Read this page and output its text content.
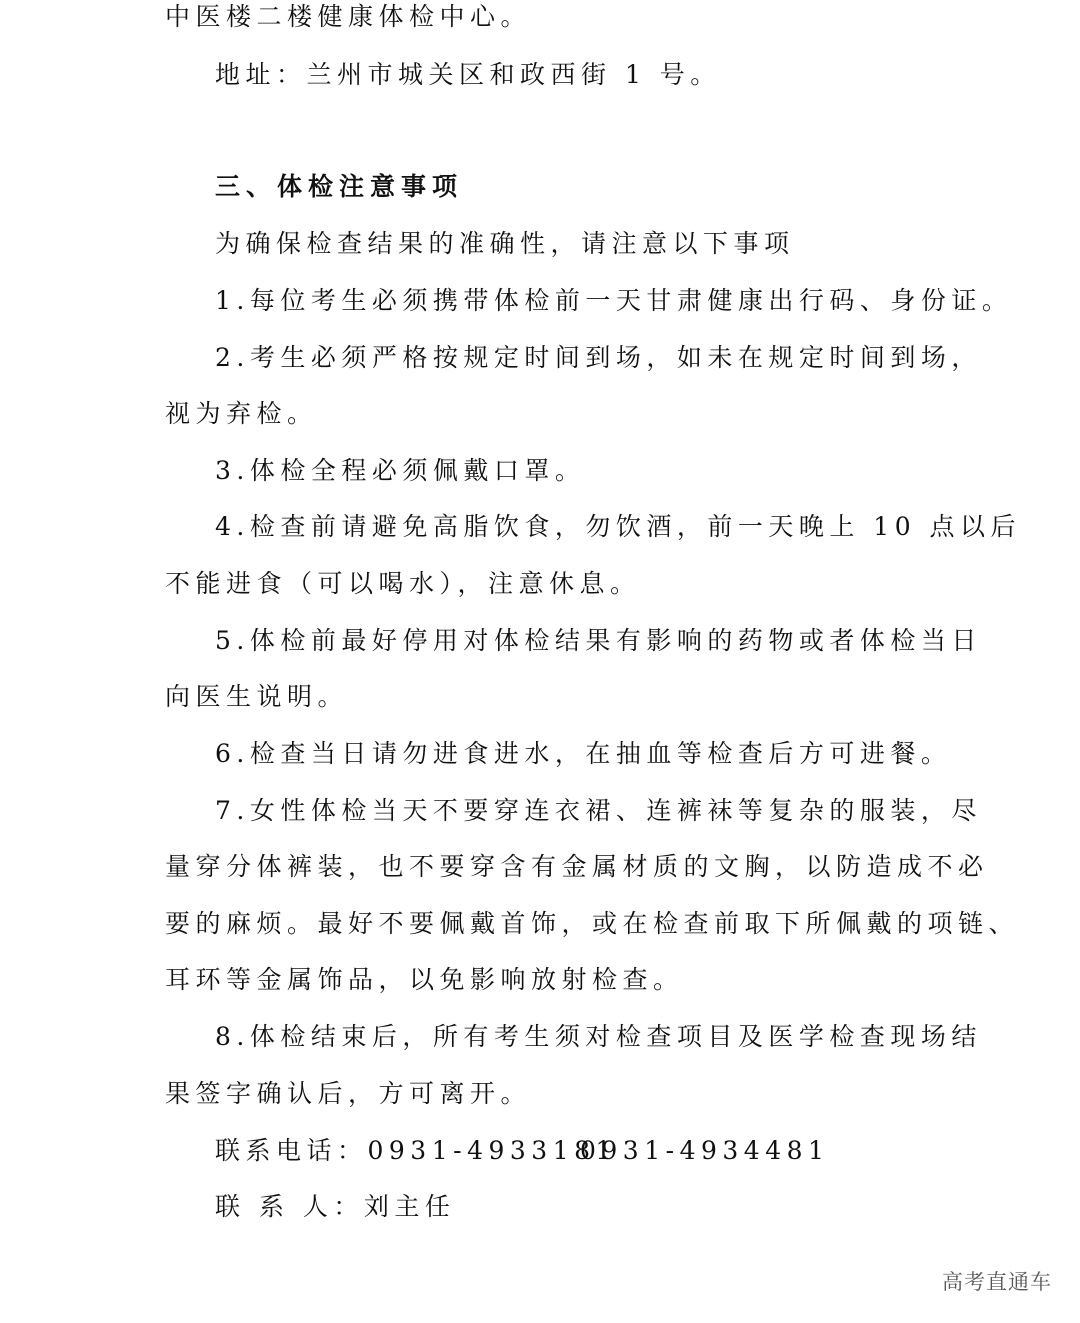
中医楼二楼健康体检中心。
地址：兰州市城关区和政西街 1 号。
三、体检注意事项
为确保检查结果的准确性，请注意以下事项
1.每位考生必须携带体检前一天甘肃健康出行码、身份证。
2.考生必须严格按规定时间到场，如未在规定时间到场，
视为弃检。
3.体检全程必须佩戴口罩。
4.检查前请避免高脂饮食，勿饮酒，前一天晚上 10 点以后
不能进食（可以喝水），注意休息。
5.体检前最好停用对体检结果有影响的药物或者体检当日
向医生说明。
6.检查当日请勿进食进水，在抽血等检查后方可进餐。
7.女性体检当天不要穿连衣裙、连裤袜等复杂的服装，尽
量穿分体裤装，也不要穿含有金属材质的文胸，以防造成不必
要的麻烦。最好不要佩戴首饰，或在检查前取下所佩戴的项链、
耳环等金属饰品，以免影响放射检查。
8.体检结束后，所有考生须对检查项目及医学检查现场结
果签字确认后，方可离开。
联系电话：0931-4933181
0931-4934481
联 系 人：刘主任
高考直通车
